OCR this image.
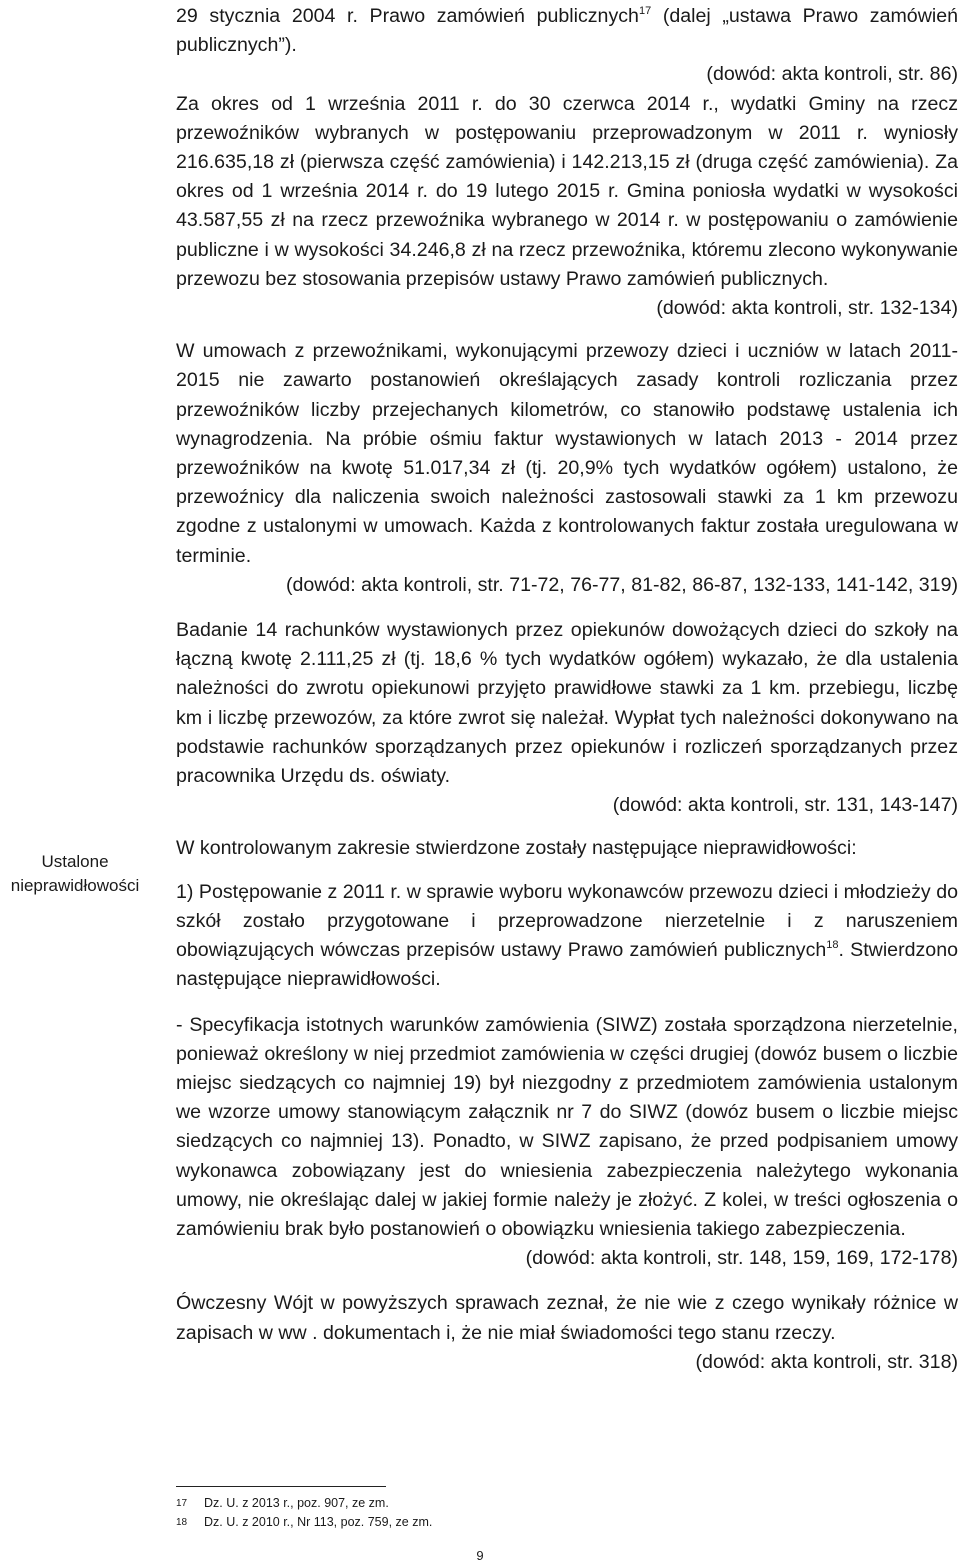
Ustalone
nieprawidłowości

29 stycznia 2004 r. Prawo zamówień publicznych$^{17}$ (dalej „ustawa Prawo zamówień publicznych”).

(dowód: akta kontroli, str. 86)

Za okres od 1 września 2011 r. do 30 czerwca 2014 r., wydatki Gminy na rzecz przewoźników wybranych w postępowaniu przeprowadzonym w 2011 r. wyniosły 216.635,18 zł (pierwsza część zamówienia) i 142.213,15 zł (druga część zamówienia). Za okres od 1 września 2014 r. do 19 lutego 2015 r. Gmina poniosła wydatki w wysokości 43.587,55 zł na rzecz przewoźnika wybranego w 2014 r. w postępowaniu o zamówienie publiczne i w wysokości 34.246,8 zł na rzecz przewoźnika, któremu zlecono wykonywanie przewozu bez stosowania przepisów ustawy Prawo zamówień publicznych.

(dowód: akta kontroli, str. 132-134)

W umowach z przewoźnikami, wykonującymi przewozy dzieci i uczniów w latach 2011-2015 nie zawarto postanowień określających zasady kontroli rozliczania przez przewoźników liczby przejechanych kilometrów, co stanowiło podstawę ustalenia ich wynagrodzenia. Na próbie ośmiu faktur wystawionych w latach 2013 - 2014 przez przewoźników na kwotę 51.017,34 zł (tj. 20,9% tych wydatków ogółem) ustalono, że przewoźnicy dla naliczenia swoich należności zastosowali stawki za 1 km przewozu zgodne z ustalonymi w umowach. Każda z kontrolowanych faktur została uregulowana w terminie.

(dowód: akta kontroli, str. 71-72, 76-77, 81-82, 86-87, 132-133, 141-142, 319)

Badanie 14 rachunków wystawionych przez opiekunów dowożących dzieci do szkoły na łączną kwotę 2.111,25 zł (tj. 18,6 % tych wydatków ogółem) wykazało, że dla ustalenia należności do zwrotu opiekunowi przyjęto prawidłowe stawki za 1 km. przebiegu, liczbę km i liczbę przewozów, za które zwrot się należał. Wypłat tych należności dokonywano na podstawie rachunków sporządzanych przez opiekunów i rozliczeń sporządzanych przez pracownika Urzędu ds. oświaty.

(dowód: akta kontroli, str. 131, 143-147)

W kontrolowanym zakresie stwierdzone zostały następujące nieprawidłowości:

1) Postępowanie z 2011 r. w sprawie wyboru wykonawców przewozu dzieci i młodzieży do szkół zostało przygotowane i przeprowadzone nierzetelnie i z naruszeniem obowiązujących wówczas przepisów ustawy Prawo zamówień publicznych$^{18}$. Stwierdzono następujące nieprawidłowości.

- Specyfikacja istotnych warunków zamówienia (SIWZ) została sporządzona nierzetelnie, ponieważ określony w niej przedmiot zamówienia w części drugiej (dowóz busem o liczbie miejsc siedzących co najmniej 19) był niezgodny z przedmiotem zamówienia ustalonym we wzorze umowy stanowiącym załącznik nr 7 do SIWZ (dowóz busem o liczbie miejsc siedzących co najmniej 13). Ponadto, w SIWZ zapisano, że przed podpisaniem umowy wykonawca zobowiązany jest do wniesienia zabezpieczenia należytego wykonania umowy, nie określając dalej w jakiej formie należy je złożyć. Z kolei, w treści ogłoszenia o zamówieniu brak było postanowień o obowiązku wniesienia takiego zabezpieczenia.

(dowód: akta kontroli, str. 148, 159, 169, 172-178)

Ówczesny Wójt w powyższych sprawach zeznał, że nie wie z czego wynikały różnice w zapisach w ww . dokumentach i, że nie miał świadomości tego stanu rzeczy.

(dowód: akta kontroli, str. 318)

17	Dz. U. z 2013 r., poz. 907, ze zm.
18	Dz. U. z 2010 r., Nr 113, poz. 759, ze zm.
9
